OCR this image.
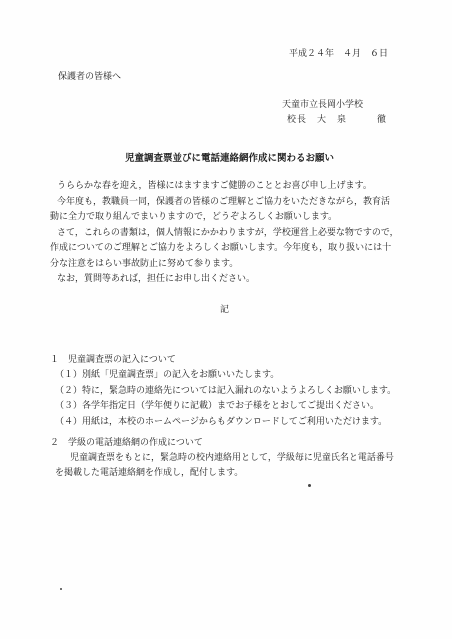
平成２４年　４月　６日
保護者の皆様へ
天童市立長岡小学校
校長　大　泉　　　徹
児童調査票並びに電話連絡網作成に関わるお願い

うららかな春を迎え，皆様にはますますご健勝のこととお喜び申し上げます。

今年度も，教職員一同，保護者の皆様のご理解とご協力をいただきながら，教育活

動に全力で取り組んでまいりますので，どうぞよろしくお願いします。

さて，これらの書類は，個人情報にかかわりますが，学校運営上必要な物ですので，

作成についてのご理解とご協力をよろしくお願いします。今年度も，取り扱いには十

分な注意をはらい事故防止に努めて参ります。

なお，質問等あれば，担任にお申し出ください。

記
１　児童調査票の記入について
（１）別紙「児童調査票」の記入をお願いいたします。
（２）特に，緊急時の連絡先については記入漏れのないようよろしくお願いします。
（３）各学年指定日（学年便りに記載）までお子様をとおしてご提出ください。
（４）用紙は，本校のホームページからもダウンロードしてご利用いただけます。
２　学級の電話連絡網の作成について
児童調査票をもとに，緊急時の校内連絡用として，学級毎に児童氏名と電話番号
を掲載した電話連絡網を作成し，配付します。
